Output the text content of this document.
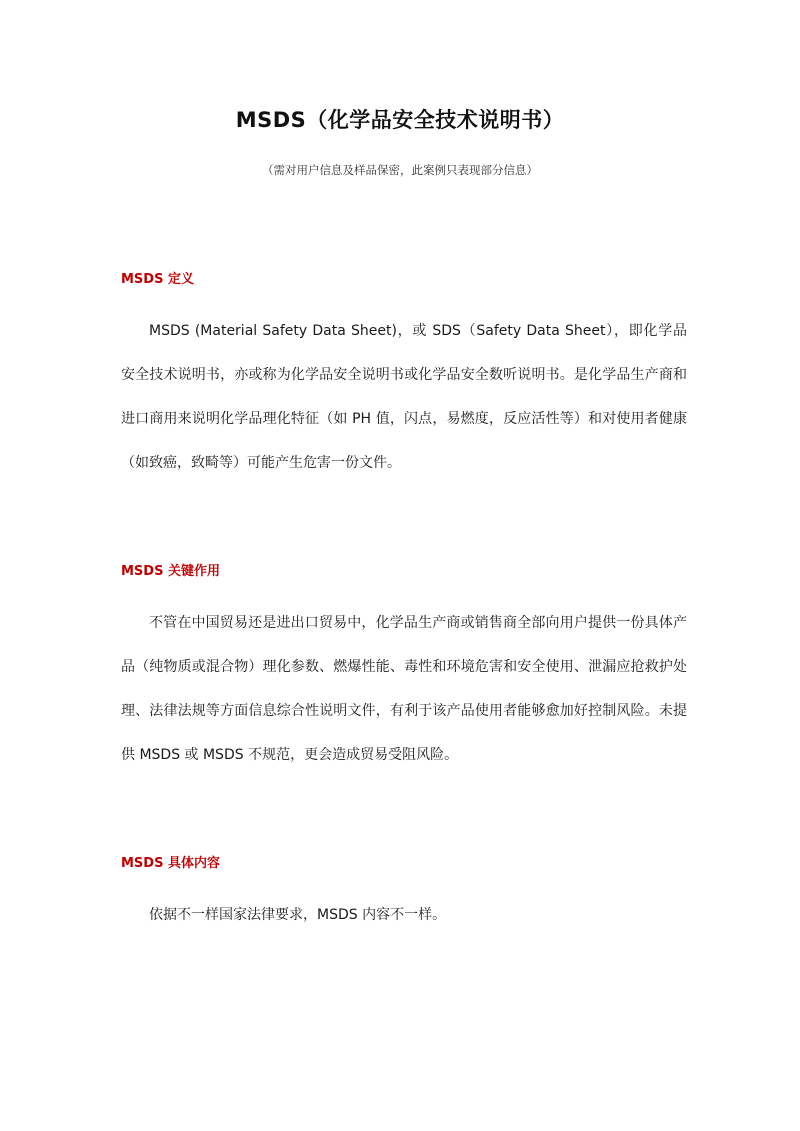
MSDS（化学品安全技术说明书）
（需对用户信息及样品保密，此案例只表现部分信息）
MSDS 定义

MSDS (Material Safety Data Sheet)，或 SDS（Safety Data Sheet），即化学品安全技术说明书，亦或称为化学品安全说明书或化学品安全数听说明书。是化学品生产商和进口商用来说明化学品理化特征（如 PH 值，闪点，易燃度，反应活性等）和对使用者健康（如致癌，致畸等）可能产生危害一份文件。

MSDS 关键作用

不管在中国贸易还是进出口贸易中，化学品生产商或销售商全部向用户提供一份具体产品（纯物质或混合物）理化参数、燃爆性能、毒性和环境危害和安全使用、泄漏应抢救护处理、法律法规等方面信息综合性说明文件，有利于该产品使用者能够愈加好控制风险。未提供 MSDS 或 MSDS 不规范，更会造成贸易受阻风险。

MSDS 具体内容

依据不一样国家法律要求，MSDS 内容不一样。
